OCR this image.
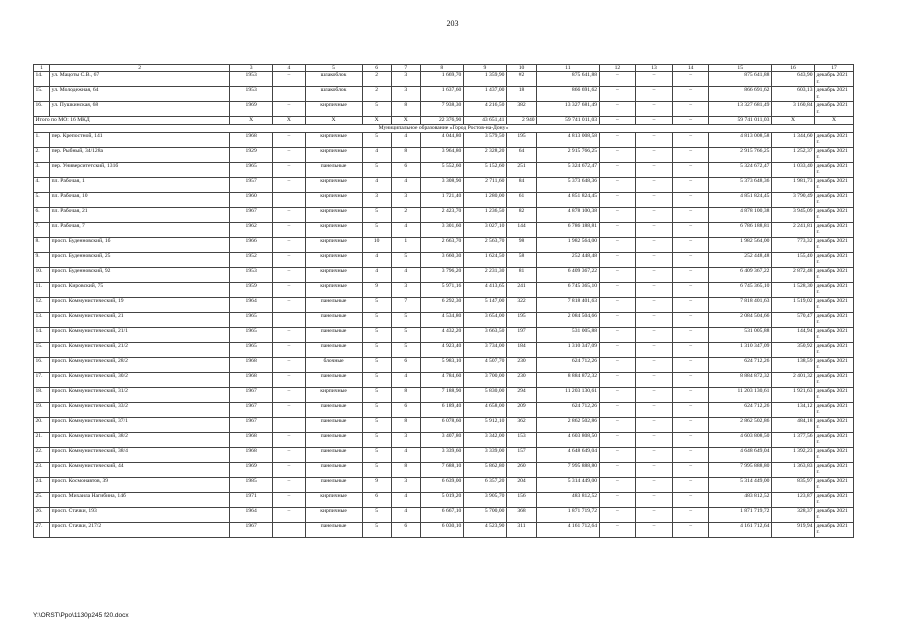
203
1	2	3	4	5	6	7	8	9	10	11	12	13	14	15	16	17
14.	ул. Мацоты С.В., 67	1953	–	шлакоблок	2	3	1 669,70	1 359,90	#2	875 641,88	–	–	–	875 641,88	643,90	декабрь 2021 г.
15.	ул. Молодежная, 64	1953		шлакоблок	2	3	1 637,60	1 437,00	18	866 691,62	–	–	–	866 691,62	603,13	декабрь 2021 г.
16.	ул. Пушкинская, 68	1969	–	кирпичные	5	8	7 938,30	4 216,50	382	13 327 681,49	–	–	–	13 327 681,49	3 160,84	декабрь 2021 г.
Итого по МО: 16 МКД		X	X	X	X	X	22 376,90	43 651,41	2 940	59 741 011,03	–	–	–	59 741 011,03	X	X
Муниципальное образование «Город Ростов-на-Дону»																
1.	пер. Крепостной, 141	1968	–	кирпичные	5	4	4 044,80	3 579,50	195	4 813 008,58	–	–	–	4 813 008,58	1 344,60	декабрь 2021 г.
2.	пер. Рыбный, 34/128а	1929	–	кирпичные	4	8	3 964,80	2 328,20	64	2 915 766,25	–	–	–	2 915 766,25	1 252,37	декабрь 2021 г.
3.	пер. Университетский, 131б	1965	–	панельные	5	6	5 552,60	5 152,60	251	5 324 672,47	–	–	–	5 324 672,47	1 033,40	декабрь 2021 г.
4.	пл. Рабочая, 1	1957	–	кирпичные	4	4	3 308,90	2 711,60	84	5 373 648,36	–	–	–	5 373 648,36	1 981,73	декабрь 2021 г.
5.	пл. Рабочая, 10	1960		кирпичные	3	3	1 721,40	1 280,00	61	4 851 824,45	–	–	–	4 851 824,45	3 790,49	декабрь 2021 г.
6.	пл. Рабочая, 21	1967	–	кирпичные	5	2	2 423,70	1 236,50	82	4 878 100,38	–	–	–	4 878 100,38	3 945,09	декабрь 2021 г.
7.	пл. Рабочая, 7	1962	–	кирпичные	5	4	3 301,60	3 027,10	144	6 786 188,81	–	–	–	6 786 188,81	2 241,81	декабрь 2021 г.
8.	просп. Буденновский, 1б	1966	–	кирпичные	10	1	2 663,70	2 563,70	98	1 982 564,00	–	–	–	1 982 564,00	773,32	декабрь 2021 г.
9.	просп. Буденновский, 25	1952	–	кирпичные	4	5	3 660,30	1 624,50	58	252 448,48	–	–	–	252 448,48	155,40	декабрь 2021 г.
10.	просп. Буденновский, 92	1953	–	кирпичные	4	4	3 796,20	2 231,30	81	6 409 367,22	–	–	–	6 409 367,22	2 872,48	декабрь 2021 г.
11.	просп. Кировский, 75	1959	–	кирпичные	9	3	5 971,16	4 413,65	241	6 745 365,10	–	–	–	6 745 365,10	1 528,30	декабрь 2021 г.
12.	просп. Коммунистический, 19	1964	–	панельные	5	7	6 292,30	5 147,00	322	7 818 401,63	–	–	–	7 818 401,63	1 519,02	декабрь 2021 г.
13.	просп. Коммунистический, 21	1965		панельные	5	5	4 534,80	3 654,00	195	2 084 504,66	–	–	–	2 084 504,66	570,47	декабрь 2021 г.
14.	просп. Коммунистический, 21/1	1965	–	панельные	5	5	4 432,20	3 663,50	197	531 005,88	–	–	–	531 005,88	144,94	декабрь 2021 г.
15.	просп. Коммунистический, 21/2	1965	–	панельные	5	5	4 923,40	3 734,00	184	1 310 347,09	–	–	–	1 310 347,09	350,92	декабрь 2021 г.
16.	просп. Коммунистический, 28/2	1968	–	блочные	5	6	5 983,10	4 507,70	230	624 712,26	–	–	–	624 712,26	138,59	декабрь 2021 г.
17.	просп. Коммунистический, 30/2	1968	–	панельные	5	4	4 784,60	3 700,00	230	8 884 872,32	–	–	–	8 884 872,32	2 401,32	декабрь 2021 г.
18.	просп. Коммунистический, 31/2	1967	–	кирпичные	5	8	7 188,90	5 830,00	294	11 203 130,61	–	–	–	11 203 130,61	1 921,63	декабрь 2021 г.
19.	просп. Коммунистический, 33/2	1967	–	панельные	5	6	6 189,40	4 658,00	209	624 712,26	–	–	–	624 712,26	134,12	декабрь 2021 г.
20.	просп. Коммунистический, 37/1	1967		панельные	5	8	6 078,60	5 912,10	362	2 862 502,86	–	–	–	2 862 502,86	484,18	декабрь 2021 г.
21.	просп. Коммунистический, 38/2	1968	–	панельные	5	3	3 407,80	3 342,00	153	4 603 808,50	–	–	–	4 603 808,50	1 377,56	декабрь 2021 г.
22.	просп. Коммунистический, 38/4	1968	–	панельные	5	4	3 339,60	3 339,00	157	4 648 649,04	–	–	–	4 648 649,04	1 392,23	декабрь 2021 г.
23.	просп. Коммунистический, 44	1969	–	панельные	5	8	7 688,10	5 862,80	260	7 995 888,80	–	–	–	7 995 888,80	1 363,83	декабрь 2021 г.
24.	просп. Космонавтов, 39	1985	–	панельные	9	3	6 639,00	6 357,20	204	5 314 449,00	–	–	–	5 314 449,00	835,97	декабрь 2021 г.
25.	просп. Михаила Нагибина, 14б	1971	–	кирпичные	6	4	5 019,20	3 905,70	156	483 812,52	–	–	–	483 812,52	123,87	декабрь 2021 г.
26.	просп. Стачки, 193	1964	–	кирпичные	5	4	6 667,10	5 700,00	368	1 871 719,72	–	–	–	1 871 719,72	328,37	декабрь 2021 г.
27.	просп. Стачки, 217/2	1967		панельные	5	6	6 030,10	4 523,90	311	4 161 712,64	–	–	–	4 161 712,64	919,94	декабрь 2021 г.
Y:\ORST\Ppo\1130p245 f20.docx
